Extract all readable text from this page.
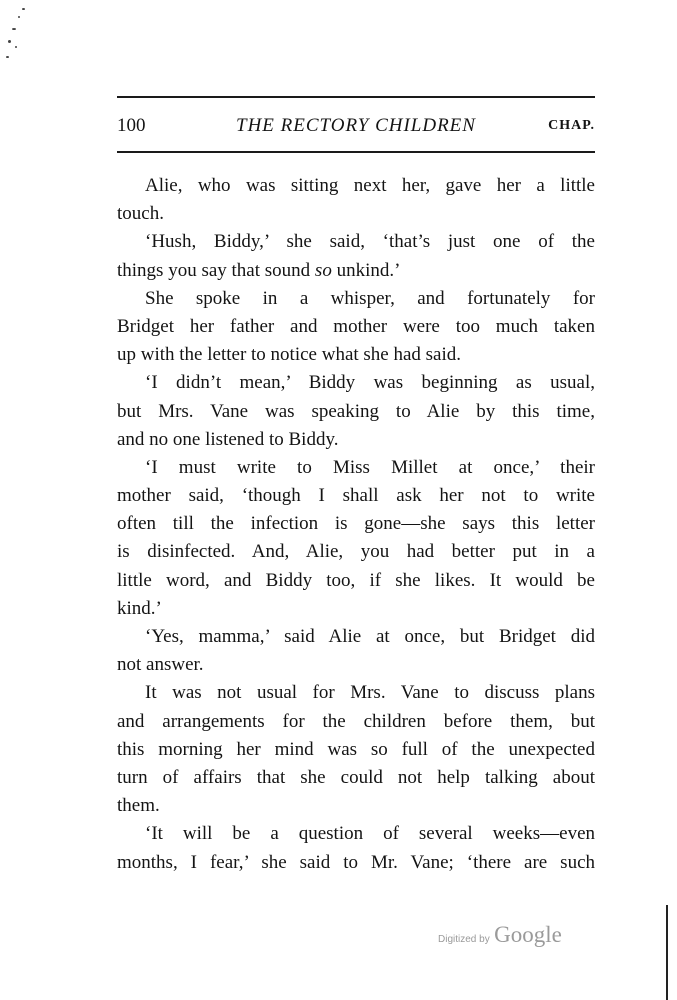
100	THE RECTORY CHILDREN	CHAP.
Alie, who was sitting next her, gave her a little
touch.
‘Hush, Biddy,’ she said, ‘that’s just one of the
things you say that sound so unkind.’
She spoke in a whisper, and fortunately for
Bridget her father and mother were too much taken
up with the letter to notice what she had said.
‘I didn’t mean,’ Biddy was beginning as usual,
but Mrs. Vane was speaking to Alie by this time,
and no one listened to Biddy.
‘I must write to Miss Millet at once,’ their
mother said, ‘though I shall ask her not to write
often till the infection is gone—she says this letter
is disinfected. And, Alie, you had better put in a
little word, and Biddy too, if she likes. It would be
kind.’
‘Yes, mamma,’ said Alie at once, but Bridget did
not answer.
It was not usual for Mrs. Vane to discuss plans
and arrangements for the children before them, but
this morning her mind was so full of the unexpected
turn of affairs that she could not help talking about
them.
‘It will be a question of several weeks—even
months, I fear,’ she said to Mr. Vane; ‘there are such
Digitized by Google
